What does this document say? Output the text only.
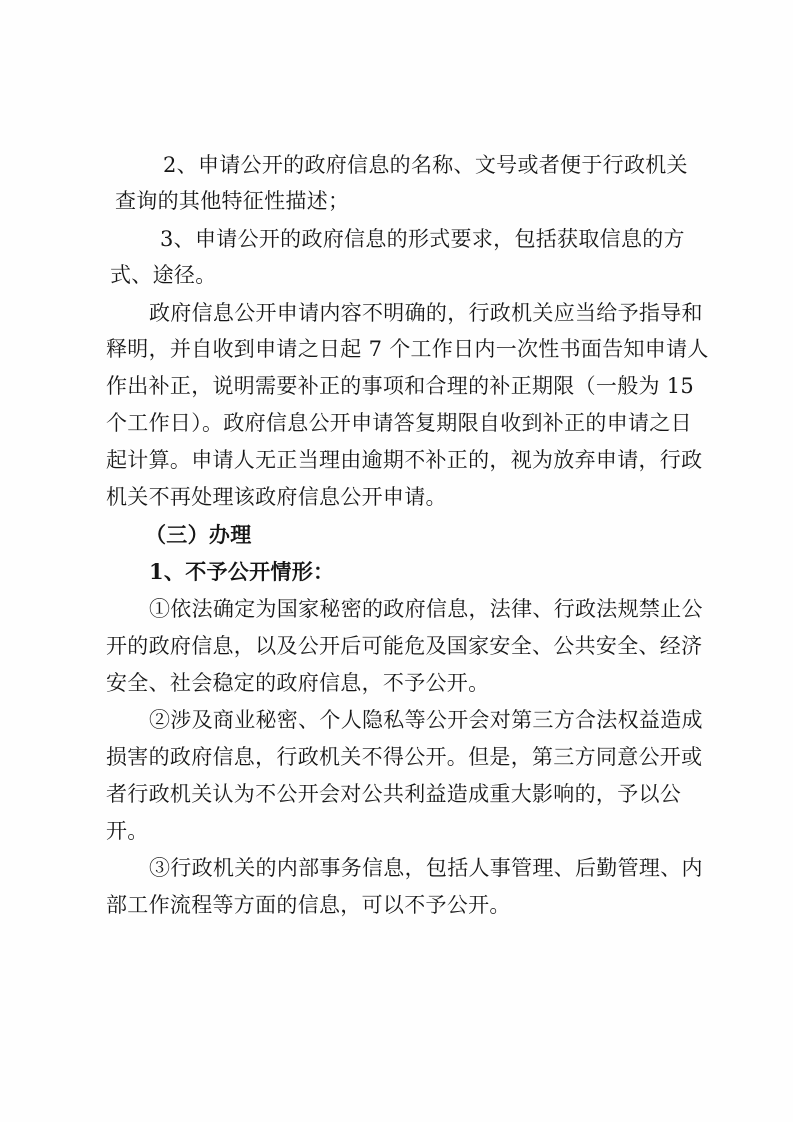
2、申请公开的政府信息的名称、文号或者便于行政机关
查询的其他特征性描述；
3、申请公开的政府信息的形式要求，包括获取信息的方
式、途径。
政府信息公开申请内容不明确的，行政机关应当给予指导和
释明，并自收到申请之日起 7 个工作日内一次性书面告知申请人
作出补正，说明需要补正的事项和合理的补正期限（一般为 15
个工作日）。政府信息公开申请答复期限自收到补正的申请之日
起计算。申请人无正当理由逾期不补正的，视为放弃申请，行政
机关不再处理该政府信息公开申请。
（三）办理
1、不予公开情形：
①依法确定为国家秘密的政府信息，法律、行政法规禁止公
开的政府信息，以及公开后可能危及国家安全、公共安全、经济
安全、社会稳定的政府信息，不予公开。
②涉及商业秘密、个人隐私等公开会对第三方合法权益造成
损害的政府信息，行政机关不得公开。但是，第三方同意公开或
者行政机关认为不公开会对公共利益造成重大影响的，予以公
开。
③行政机关的内部事务信息，包括人事管理、后勤管理、内
部工作流程等方面的信息，可以不予公开。
